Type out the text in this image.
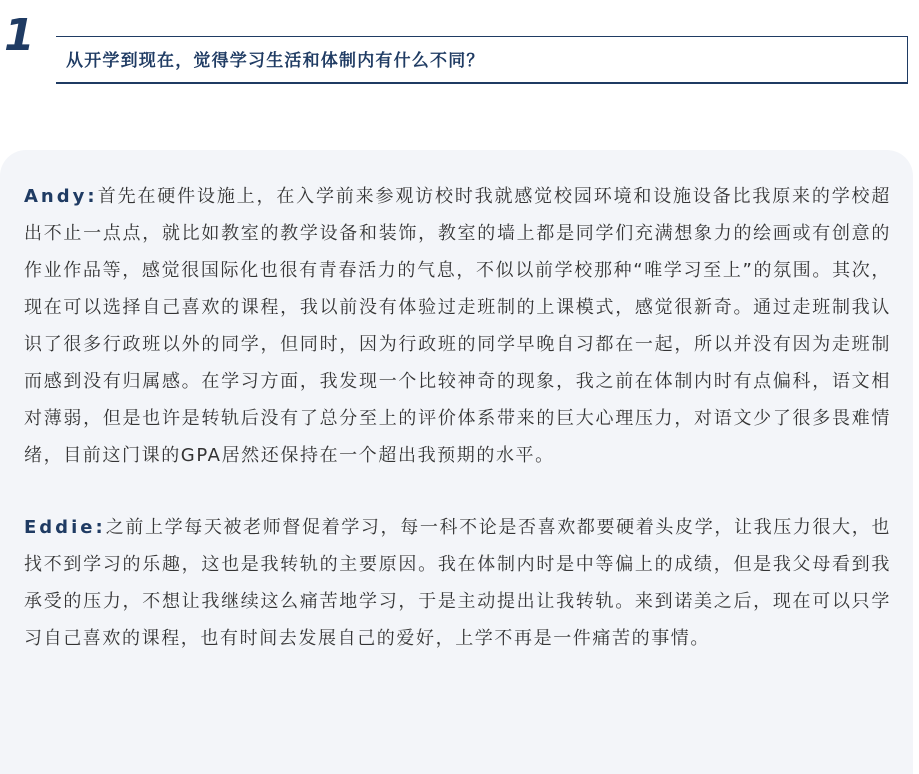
1 从开学到现在，觉得学习生活和体制内有什么不同？

Andy:首先在硬件设施上，在入学前来参观访校时我就感觉校园环境和设施设备比我原来的学校超出不止一点点，就比如教室的教学设备和装饰，教室的墙上都是同学们充满想象力的绘画或有创意的作业作品等，感觉很国际化也很有青春活力的气息，不似以前学校那种“唯学习至上”的氛围。其次，现在可以选择自己喜欢的课程，我以前没有体验过走班制的上课模式，感觉很新奇。通过走班制我认识了很多行政班以外的同学，但同时，因为行政班的同学早晚自习都在一起，所以并没有因为走班制而感到没有归属感。在学习方面，我发现一个比较神奇的现象，我之前在体制内时有点偏科，语文相对薄弱，但是也许是转轨后没有了总分至上的评价体系带来的巨大心理压力，对语文少了很多畏难情绪，目前这门课的GPA居然还保持在一个超出我预期的水平。

Eddie:之前上学每天被老师督促着学习，每一科不论是否喜欢都要硬着头皮学，让我压力很大，也找不到学习的乐趣，这也是我转轨的主要原因。我在体制内时是中等偏上的成绩，但是我父母看到我承受的压力，不想让我继续这么痛苦地学习，于是主动提出让我转轨。来到诺美之后，现在可以只学习自己喜欢的课程，也有时间去发展自己的爱好，上学不再是一件痛苦的事情。
